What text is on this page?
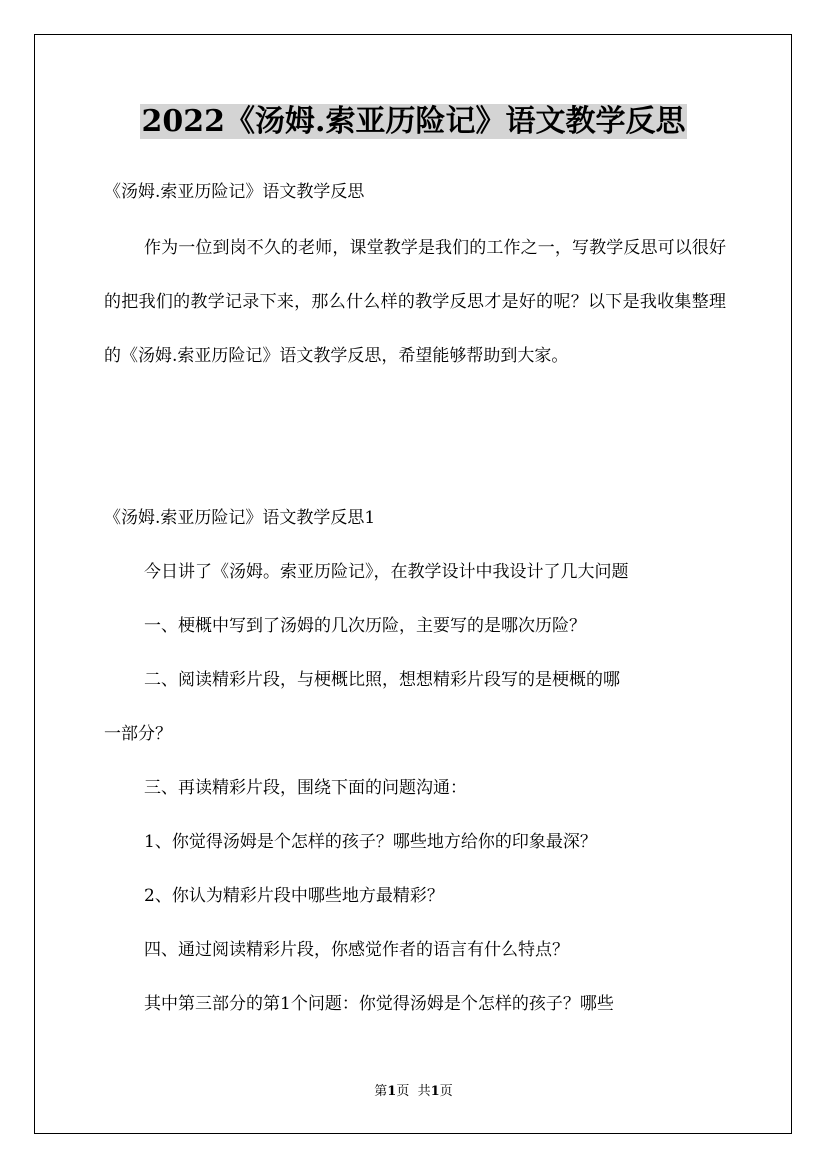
2022《汤姆.索亚历险记》语文教学反思

《汤姆.索亚历险记》语文教学反思

作为一位到岗不久的老师，课堂教学是我们的工作之一，写教学反思可以很好的把我们的教学记录下来，那么什么样的教学反思才是好的呢？以下是我收集整理的《汤姆.索亚历险记》语文教学反思，希望能够帮助到大家。

《汤姆.索亚历险记》语文教学反思1

今日讲了《汤姆。索亚历险记》，在教学设计中我设计了几大问题

一、梗概中写到了汤姆的几次历险，主要写的是哪次历险？

二、阅读精彩片段，与梗概比照，想想精彩片段写的是梗概的哪

一部分？

三、再读精彩片段，围绕下面的问题沟通：

1、你觉得汤姆是个怎样的孩子？哪些地方给你的印象最深？

2、你认为精彩片段中哪些地方最精彩？

四、通过阅读精彩片段，你感觉作者的语言有什么特点？

其中第三部分的第1个问题：你觉得汤姆是个怎样的孩子？哪些

第1页 共1页
